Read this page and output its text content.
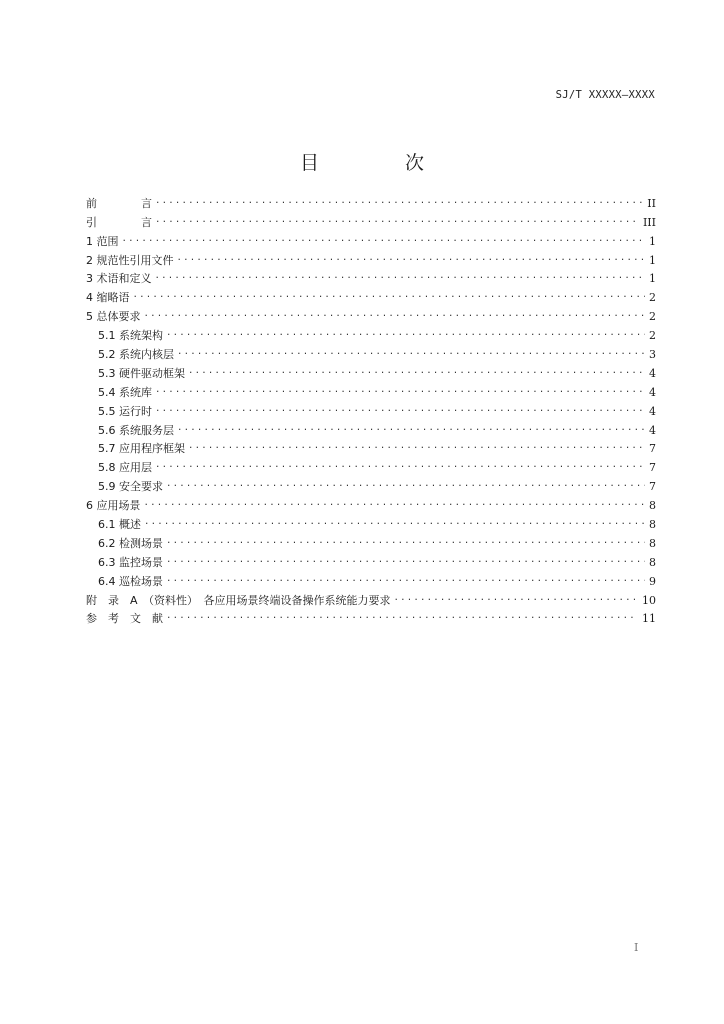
SJ/T XXXXX—XXXX
目 次
前　　　　言 .....	II
引　　　　言 .....	III
1 范围 .....	1
2 规范性引用文件 .....	1
3 术语和定义 .....	1
4 缩略语 .....	2
5 总体要求 .....	2
5.1 系统架构 .....	2
5.2 系统内核层 .....	3
5.3 硬件驱动框架 .....	4
5.4 系统库 .....	4
5.5 运行时 .....	4
5.6 系统服务层 .....	4
5.7 应用程序框架 .....	7
5.8 应用层 .....	7
5.9 安全要求 .....	7
6 应用场景 .....	8
6.1 概述 .....	8
6.2 检测场景 .....	8
6.3 监控场景 .....	8
6.4 巡检场景 .....	9
附　录　A　（资料性）　各应用场景终端设备操作系统能力要求 .....	10
参　考　文　献 .....	11
I
